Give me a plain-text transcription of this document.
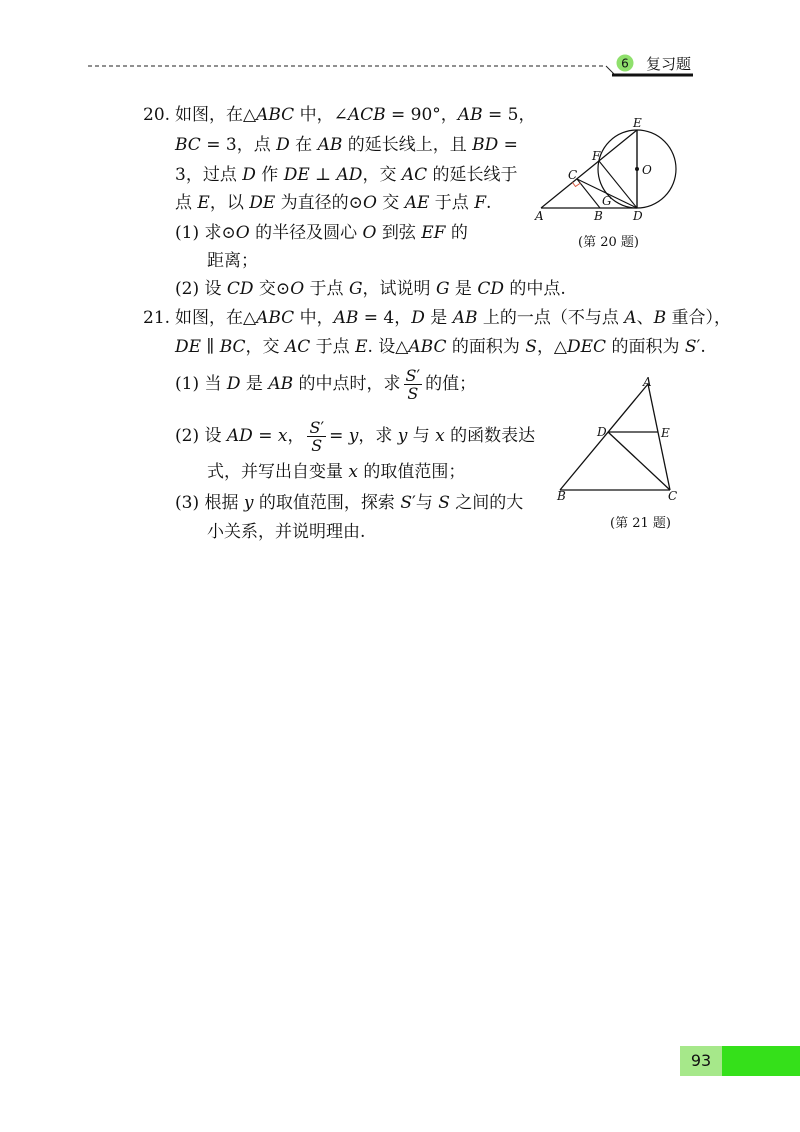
6 复习题
20. 如图，在△ABC 中，∠ACB = 90°，AB = 5，
BC = 3，点 D 在 AB 的延长线上，且 BD =
3，过点 D 作 DE ⊥ AD，交 AC 的延长线于
点 E，以 DE 为直径的⊙O 交 AE 于点 F.
(1) 求⊙O 的半径及圆心 O 到弦 EF 的
距离；
(2) 设 CD 交⊙O 于点 G，试说明 G 是 CD 的中点.
E
F
C	O
A	B
G
D
(第 20 题)
21. 如图，在△ABC 中，AB = 4，D 是 AB 上的一点（不与点 A、B 重合），
DE ∥ BC，交 AC 于点 E. 设△ABC 的面积为 S，△DEC 的面积为 S′.
(1) 当 D 是 AB 的中点时，求 $\frac{S'}{S}$ 的值；
(2) 设 AD = x， $\frac{S'}{S} = y$，求 y 与 x 的函数表达
式，并写出自变量 x 的取值范围；
(3) 根据 y 的取值范围，探索 S′与 S 之间的大
小关系，并说明理由.
A
D	E
B	C
(第 21 题)
93
